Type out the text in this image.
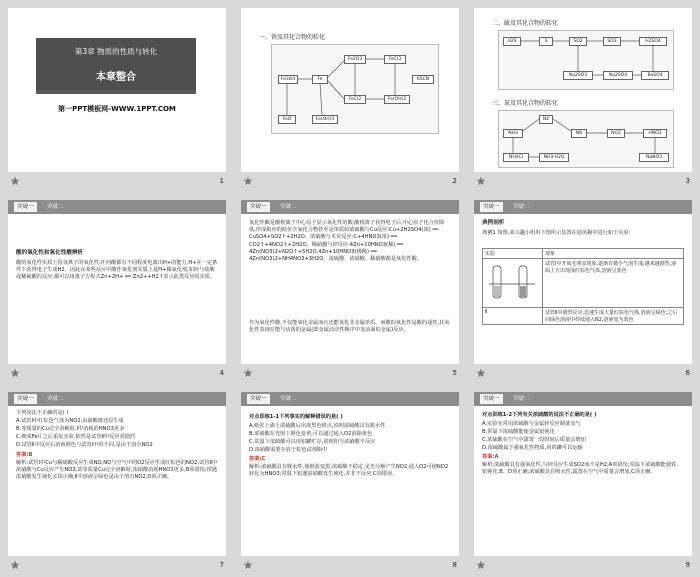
第3章 物质的性质与转化
本章整合
第一PPT模板网-WWW.1PPT.COM
1
一、铁及其化合物的转化
Fe3O4	Fe
Fe2O3
FeCl2
FeCl3
Fe(OH)2
Fe(OH)3
FeO
KSCN
2
二、硫及其化合物的转化
H2S	S	SO2	SO3	H2SO4
Na2SO3	Na2SO4	BaSO4
三、氮及其化合物的转化
NH3
N2
NO	NO2	HNO3
NH4Cl	NH3·H2O	NaNO3
3
突破一	突破二
酸的氧化性和氧化性酸辨析
酸的氧化性实质上指氢离子的氧化性,任何酸都有不同程度电离出H+的能力,H+在一定条件下获得电子生成H2。因此在某些反应中酸作氧化剂实质上是H+做氧化剂,如锌与盐酸或稀硫酸的反应,都可以用离子方程式Zn+2H+ ══ Zn2++H2↑表示此类反应的实质。
4
突破一	突破二
氧化性酸是酸根离子中心原子显示氧化性的酸,酸根离子获得电子后,中心原子化合价降低,形成相应的低价含氧化合物甚至是单质如浓硫酸与Cu反应:Cu+2H2SO4(浓) ══ CuSO4+SO2↑+2H2O。浓硝酸与木炭反应:C+4HNO3(浓) ══ CO2↑+4NO2↑+2H2O。稀硝酸与锌反应:4Zn+10HNO3(稀) ══ 4Zn(NO3)2+N2O↑+5H2O,4Zn+10HNO3(极稀) ══ 4Zn(NO3)2+NH4NO3+3H2O。浓硫酸、浓硝酸、稀硝酸都是氧化性酸。
作为氧化性酸,不仅能氧化金属而且还能氧化非金属单质。而酸的氧化性是酸的通性,其氧化性表现在能与活泼的金属(即金属活动性顺序中氢前面的金属)反应。
5
突破一	突破二
典例剖析
典例1 如图,某兴趣小组用下图所示装置在通风橱中进行如下实验:
实验	现象
	试管Ⅰ中开始无明显现象,逐渐有微小气泡生成,越来越剧烈,液面上方出现浅红棕色气体,溶液呈蓝色
Ⅱ	试管Ⅱ中剧烈反应,迅速生成大量红棕色气体,溶液呈绿色;之后向绿色溶液中持续通入N2,溶液变为蓝色
6
突破一	突破二
下列说法不正确的是( )
A.试管Ⅰ中红棕色气体为NO2,由硝酸被还原生成
B.等质量的Cu完全溶解时,Ⅰ中消耗的HNO3更多
C.换成Fe片之后重复实验,依然是试管Ⅱ中反应更剧烈
D.试管Ⅱ中反应后溶液颜色与试管Ⅰ中的不同,是由于溶有NO2
答案:B
解析:试管Ⅰ中Cu与稀硝酸反应生成NO,NO与空气中的O2反应生成红棕色的NO2;试管Ⅱ中浓硝酸与Cu反应产生NO2,故等质量Cu完全溶解时,浓硝酸消耗HNO3更多,B项错误;铁遇浓硝酸发生钝化,C项正确;Ⅱ中溶液呈绿色是由于溶有NO2,D项正确。
7
突破一	突破二
对点训练1-1下列事实的解释错误的是( )
A.纸张上滴上浓硫酸后出现黑色斑点,说明浓硫酸具有脱水性
B.浓硝酸在光照下颜色变黄,可以通过通入O2消除黄色
C.常温下浓硝酸可以用铝罐贮存,说明铝与浓硝酸不反应
D.浓硝酸需要存放于棕色试剂瓶中
答案:C
解析:浓硫酸具有脱水性,使纸张变黑;浓硝酸不稳定,见光分解产生NO2,通入O2可使NO2转化为HNO3;常温下铝遇浓硝酸发生钝化,并非不反应,C项错误。
8
突破一	突破二
对点训练1-2下列有关浓硫酸的说法不正确的是( )
A.实验室常用浓硫酸与金属锌反应制备氢气
B.常温下浓硫酸能使金属铝钝化
C.浓硫酸在空气中露置一段时间后质量会增加
D.浓硫酸属于强氧化性物质,用铁罐可以运输
答案:A
解析:浓硫酸具有强氧化性,与锌反应生成SO2而不是H2,A项错误;常温下浓硫酸能使铁、铝钝化,B、D项正确;浓硫酸具有吸水性,露置在空气中质量会增加,C项正确。
9
